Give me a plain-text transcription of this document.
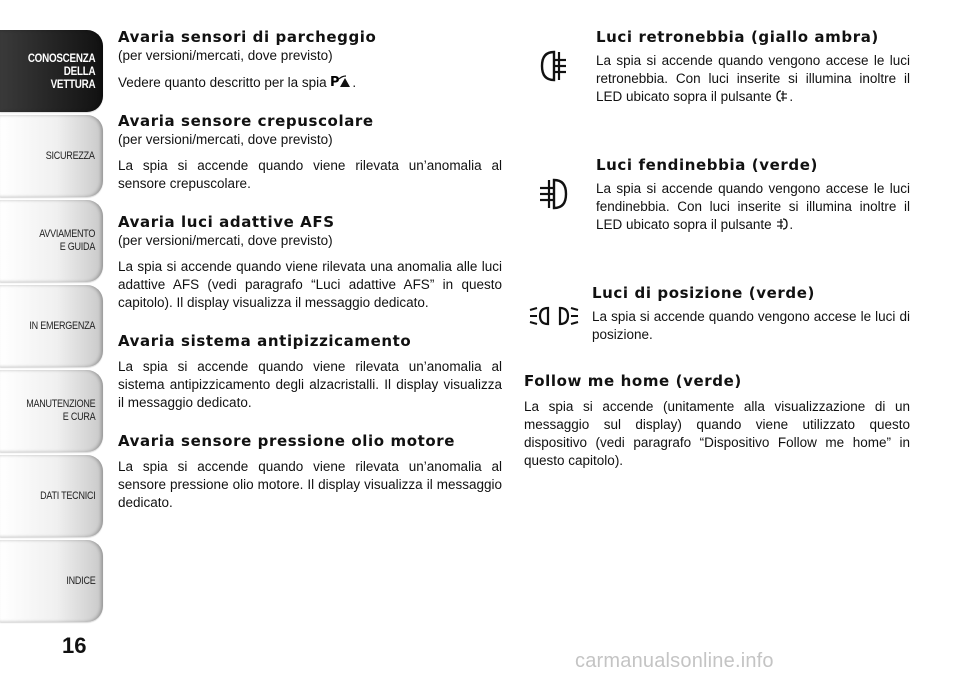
CONOSCENZA
DELLA
VETTURA
SICUREZZA
AVVIAMENTO
E GUIDA
IN EMERGENZA
MANUTENZIONE
E CURA
DATI TECNICI
INDICE
16
Avaria sensori di parcheggio
(per versioni/mercati, dove previsto)

Vedere quanto descritto per la spia P .

Avaria sensore crepuscolare
(per versioni/mercati, dove previsto)

La spia si accende quando viene rilevata un’anomalia al sensore crepuscolare.

Avaria luci adattive AFS
(per versioni/mercati, dove previsto)

La spia si accende quando viene rilevata una anomalia alle luci adattive AFS (vedi paragrafo “Luci adattive AFS” in questo capitolo). Il display visualizza il messaggio dedicato.

Avaria sistema antipizzicamento

La spia si accende quando viene rilevata un’anomalia al sistema antipizzicamento degli alzacristalli. Il display visualizza il messaggio dedicato.

Avaria sensore pressione olio motore

La spia si accende quando viene rilevata un’anomalia al sensore pressione olio motore. Il display visualizza il messaggio dedicato.

Luci retronebbia (giallo ambra)

La spia si accende quando vengono accese le luci retronebbia. Con luci inserite si illumina inoltre il LED ubicato sopra il pulsante .

Luci fendinebbia (verde)

La spia si accende quando vengono accese le luci fendinebbia. Con luci inserite si illumina inoltre il LED ubicato sopra il pulsante .

Luci di posizione (verde)

La spia si accende quando vengono accese le luci di posizione.

Follow me home (verde)

La spia si accende (unitamente alla visualizzazione di un messaggio sul display) quando viene utilizzato questo dispositivo (vedi paragrafo “Dispositivo Follow me home” in questo capitolo).

carmanualsonline.info
